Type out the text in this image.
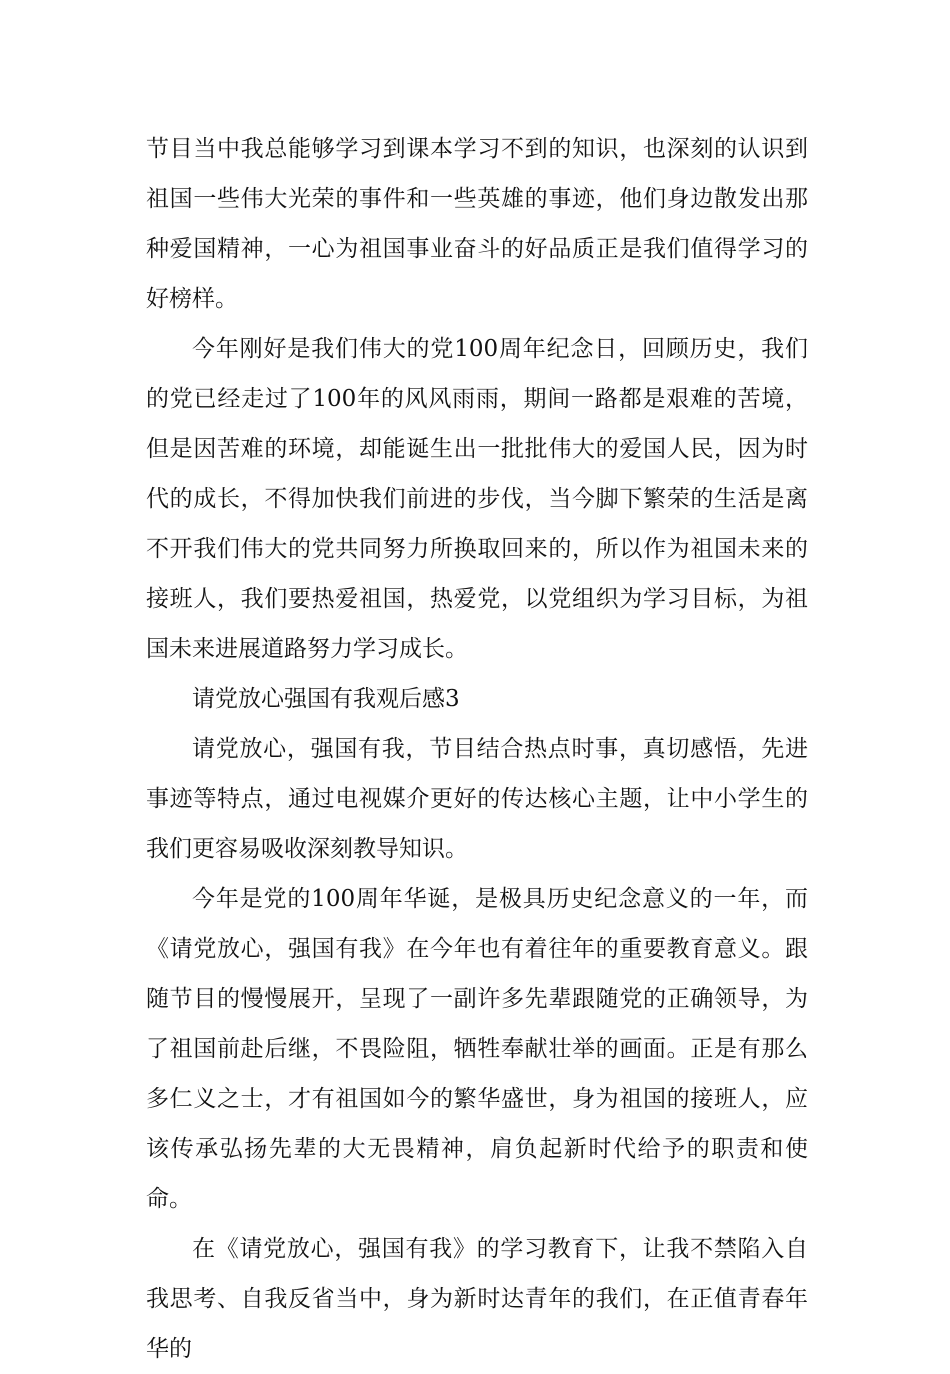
节目当中我总能够学习到课本学习不到的知识，也深刻的认识到祖国一些伟大光荣的事件和一些英雄的事迹，他们身边散发出那种爱国精神，一心为祖国事业奋斗的好品质正是我们值得学习的好榜样。

今年刚好是我们伟大的党100周年纪念日，回顾历史，我们的党已经走过了100年的风风雨雨，期间一路都是艰难的苦境，但是因苦难的环境，却能诞生出一批批伟大的爱国人民，因为时代的成长，不得加快我们前进的步伐，当今脚下繁荣的生活是离不开我们伟大的党共同努力所换取回来的，所以作为祖国未来的接班人，我们要热爱祖国，热爱党，以党组织为学习目标，为祖国未来进展道路努力学习成长。

请党放心强国有我观后感3

请党放心，强国有我，节目结合热点时事，真切感悟，先进事迹等特点，通过电视媒介更好的传达核心主题，让中小学生的我们更容易吸收深刻教导知识。

今年是党的100周年华诞，是极具历史纪念意义的一年，而《请党放心，强国有我》在今年也有着往年的重要教育意义。跟随节目的慢慢展开，呈现了一副许多先辈跟随党的正确领导，为了祖国前赴后继，不畏险阻，牺牲奉献壮举的画面。正是有那么多仁义之士，才有祖国如今的繁华盛世，身为祖国的接班人，应该传承弘扬先辈的大无畏精神，肩负起新时代给予的职责和使命。

在《请党放心，强国有我》的学习教育下，让我不禁陷入自我思考、自我反省当中，身为新时达青年的我们，在正值青春年华的
